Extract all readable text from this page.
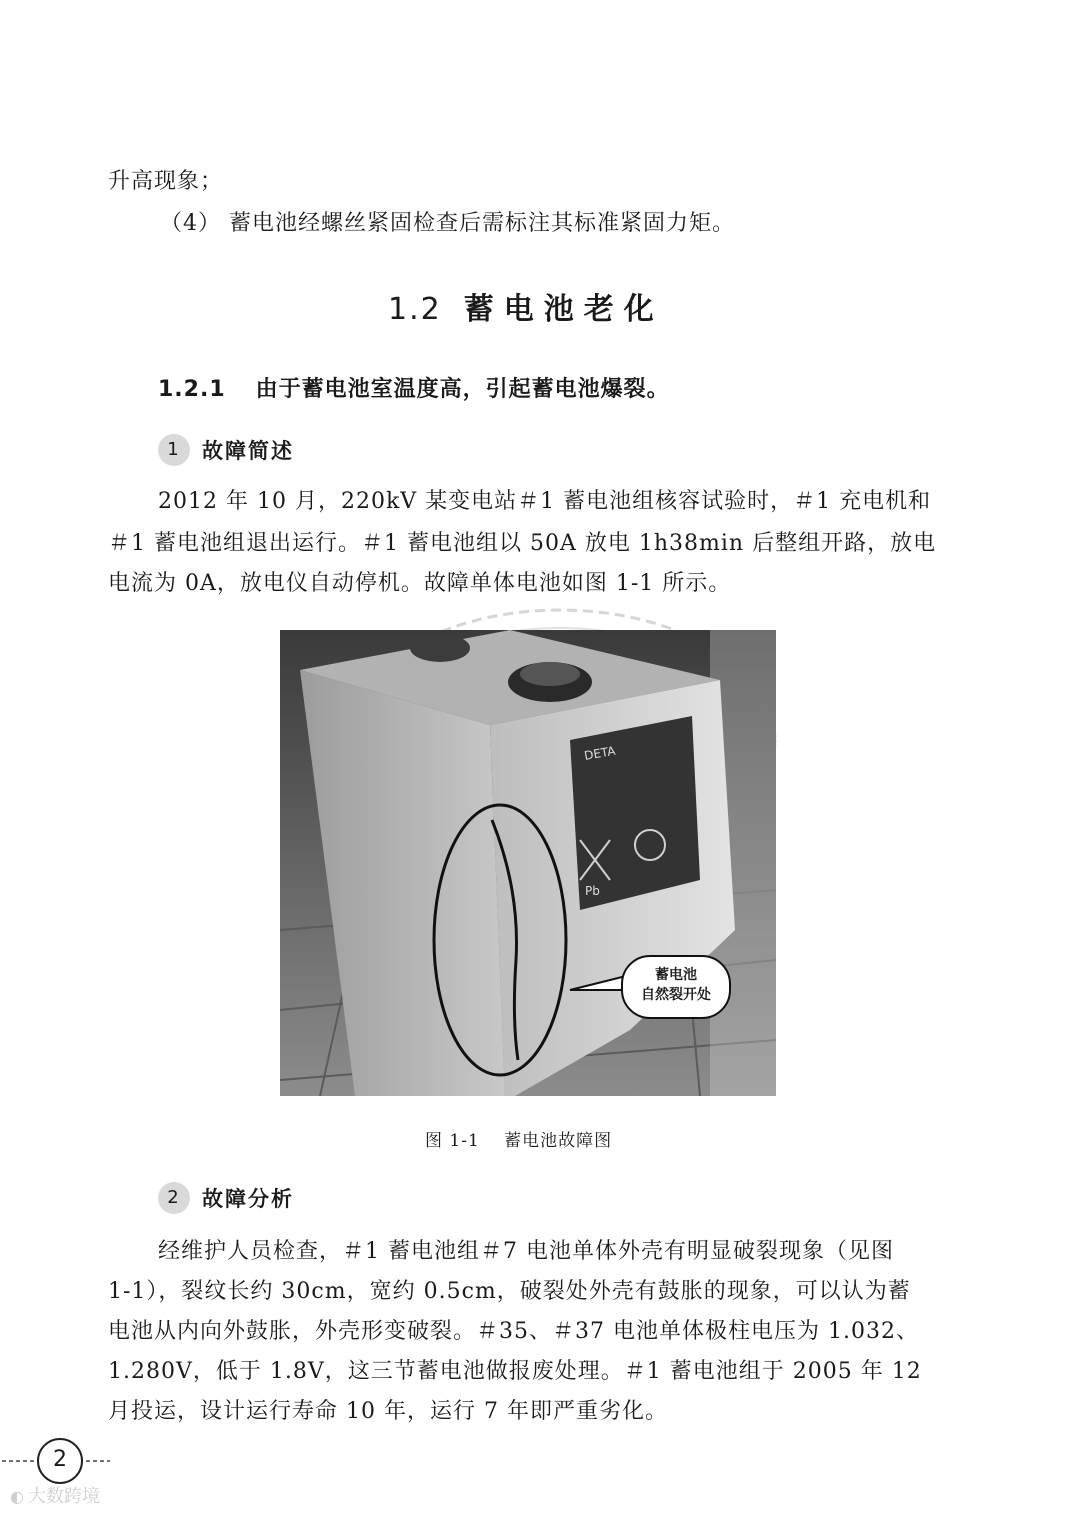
升高现象；
（4） 蓄电池经螺丝紧固检查后需标注其标准紧固力矩。
1.2 蓄电池老化
1.2.1 由于蓄电池室温度高，引起蓄电池爆裂。
1 故障简述
2012 年 10 月，220kV 某变电站＃1 蓄电池组核容试验时，＃1 充电机和
＃1 蓄电池组退出运行。＃1 蓄电池组以 50A 放电 1h38min 后整组开路，放电
电流为 0A，放电仪自动停机。故障单体电池如图 1-1 所示。
DETA
Pb
蓄电池
自然裂开处
图 1-1　 蓄电池故障图
2 故障分析
经维护人员检查，＃1 蓄电池组＃7 电池单体外壳有明显破裂现象（见图
1-1），裂纹长约 30cm，宽约 0.5cm，破裂处外壳有鼓胀的现象，可以认为蓄
电池从内向外鼓胀，外壳形变破裂。＃35、＃37 电池单体极柱电压为 1.032、
1.280V，低于 1.8V，这三节蓄电池做报废处理。＃1 蓄电池组于 2005 年 12
月投运，设计运行寿命 10 年，运行 7 年即严重劣化。
2
◐ 大数跨境
